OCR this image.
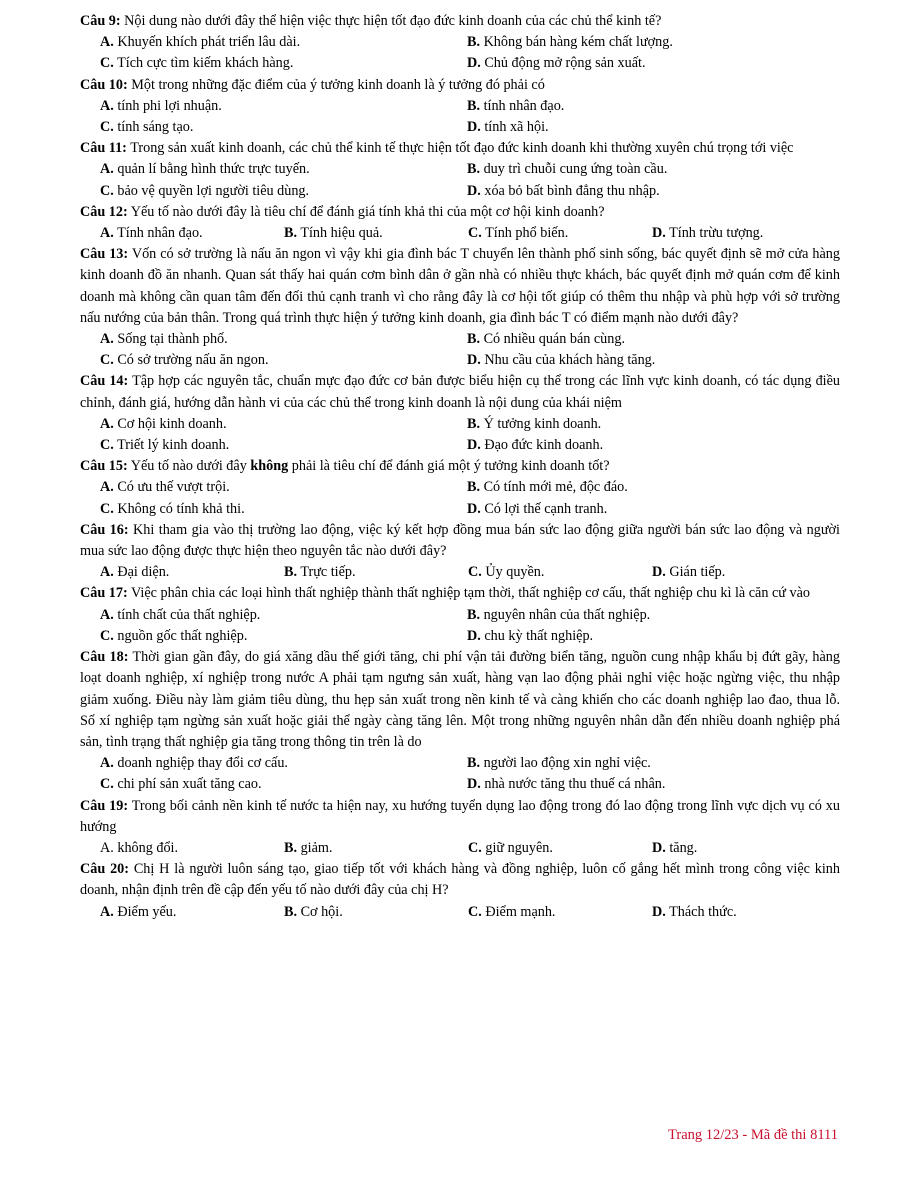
Câu 9: Nội dung nào dưới đây thể hiện việc thực hiện tốt đạo đức kinh doanh của các chủ thể kinh tế?
A. Khuyến khích phát triển lâu dài.	B. Không bán hàng kém chất lượng.
C. Tích cực tìm kiếm khách hàng.	D. Chủ động mở rộng sản xuất.
Câu 10: Một trong những đặc điểm của ý tưởng kinh doanh là ý tưởng đó phải có
A. tính phi lợi nhuận.	B. tính nhân đạo.
C. tính sáng tạo.	D. tính xã hội.
Câu 11: Trong sản xuất kinh doanh, các chủ thể kinh tế thực hiện tốt đạo đức kinh doanh khi thường xuyên chú trọng tới việc
A. quản lí bằng hình thức trực tuyến.	B. duy trì chuỗi cung ứng toàn cầu.
C. bảo vệ quyền lợi người tiêu dùng.	D. xóa bỏ bất bình đẳng thu nhập.
Câu 12: Yếu tố nào dưới đây là tiêu chí để đánh giá tính khả thi của một cơ hội kinh doanh?
A. Tính nhân đạo.	B. Tính hiệu quả.	C. Tính phổ biến.	D. Tính trừu tượng.
Câu 13: Vốn có sở trường là nấu ăn ngon vì vậy khi gia đình bác T chuyển lên thành phố sinh sống, bác quyết định sẽ mở cửa hàng kinh doanh đồ ăn nhanh. Quan sát thấy hai quán cơm bình dân ở gần nhà có nhiều thực khách, bác quyết định mở quán cơm để kinh doanh mà không cần quan tâm đến đối thủ cạnh tranh vì cho rằng đây là cơ hội tốt giúp có thêm thu nhập và phù hợp với sở trường nấu nướng của bản thân. Trong quá trình thực hiện ý tưởng kinh doanh, gia đình bác T có điểm mạnh nào dưới đây?
A. Sống tại thành phố.	B. Có nhiều quán bán cùng.
C. Có sở trường nấu ăn ngon.	D. Nhu cầu của khách hàng tăng.
Câu 14: Tập hợp các nguyên tắc, chuẩn mực đạo đức cơ bản được biểu hiện cụ thể trong các lĩnh vực kinh doanh, có tác dụng điều chỉnh, đánh giá, hướng dẫn hành vi của các chủ thể trong kinh doanh là nội dung của khái niệm
A. Cơ hội kinh doanh.	B. Ý tưởng kinh doanh.
C. Triết lý kinh doanh.	D. Đạo đức kinh doanh.
Câu 15: Yếu tố nào dưới đây không phải là tiêu chí để đánh giá một ý tưởng kinh doanh tốt?
A. Có ưu thế vượt trội.	B. Có tính mới mẻ, độc đáo.
C. Không có tính khả thi.	D. Có lợi thế cạnh tranh.
Câu 16: Khi tham gia vào thị trường lao động, việc ký kết hợp đồng mua bán sức lao động giữa người bán sức lao động và người mua sức lao động được thực hiện theo nguyên tắc nào dưới đây?
A. Đại diện.	B. Trực tiếp.	C. Ủy quyền.	D. Gián tiếp.
Câu 17: Việc phân chia các loại hình thất nghiệp thành thất nghiệp tạm thời, thất nghiệp cơ cấu, thất nghiệp chu kì là căn cứ vào
A. tính chất của thất nghiệp.	B. nguyên nhân của thất nghiệp.
C. nguồn gốc thất nghiệp.	D. chu kỳ thất nghiệp.
Câu 18: Thời gian gần đây, do giá xăng dầu thế giới tăng, chi phí vận tải đường biển tăng, nguồn cung nhập khẩu bị đứt gãy, hàng loạt doanh nghiệp, xí nghiệp trong nước A phải tạm ngưng sản xuất, hàng vạn lao động phải nghỉ việc hoặc ngừng việc, thu nhập giảm xuống. Điều này làm giảm tiêu dùng, thu hẹp sản xuất trong nền kinh tế và càng khiến cho các doanh nghiệp lao đao, thua lỗ. Số xí nghiệp tạm ngừng sản xuất hoặc giải thể ngày càng tăng lên. Một trong những nguyên nhân dẫn đến nhiều doanh nghiệp phá sản, tình trạng thất nghiệp gia tăng trong thông tin trên là do
A. doanh nghiệp thay đổi cơ cấu.	B. người lao động xin nghỉ việc.
C. chi phí sản xuất tăng cao.	D. nhà nước tăng thu thuế cá nhân.
Câu 19: Trong bối cảnh nền kinh tế nước ta hiện nay, xu hướng tuyển dụng lao động trong đó lao động trong lĩnh vực dịch vụ có xu hướng
A. không đổi.	B. giảm.	C. giữ nguyên.	D. tăng.
Câu 20: Chị H là người luôn sáng tạo, giao tiếp tốt với khách hàng và đồng nghiệp, luôn cố gắng hết mình trong công việc kinh doanh, nhận định trên đề cập đến yếu tố nào dưới đây của chị H?
A. Điểm yếu.	B. Cơ hội.	C. Điểm mạnh.	D. Thách thức.
Trang 12/23 - Mã đề thi 8111
